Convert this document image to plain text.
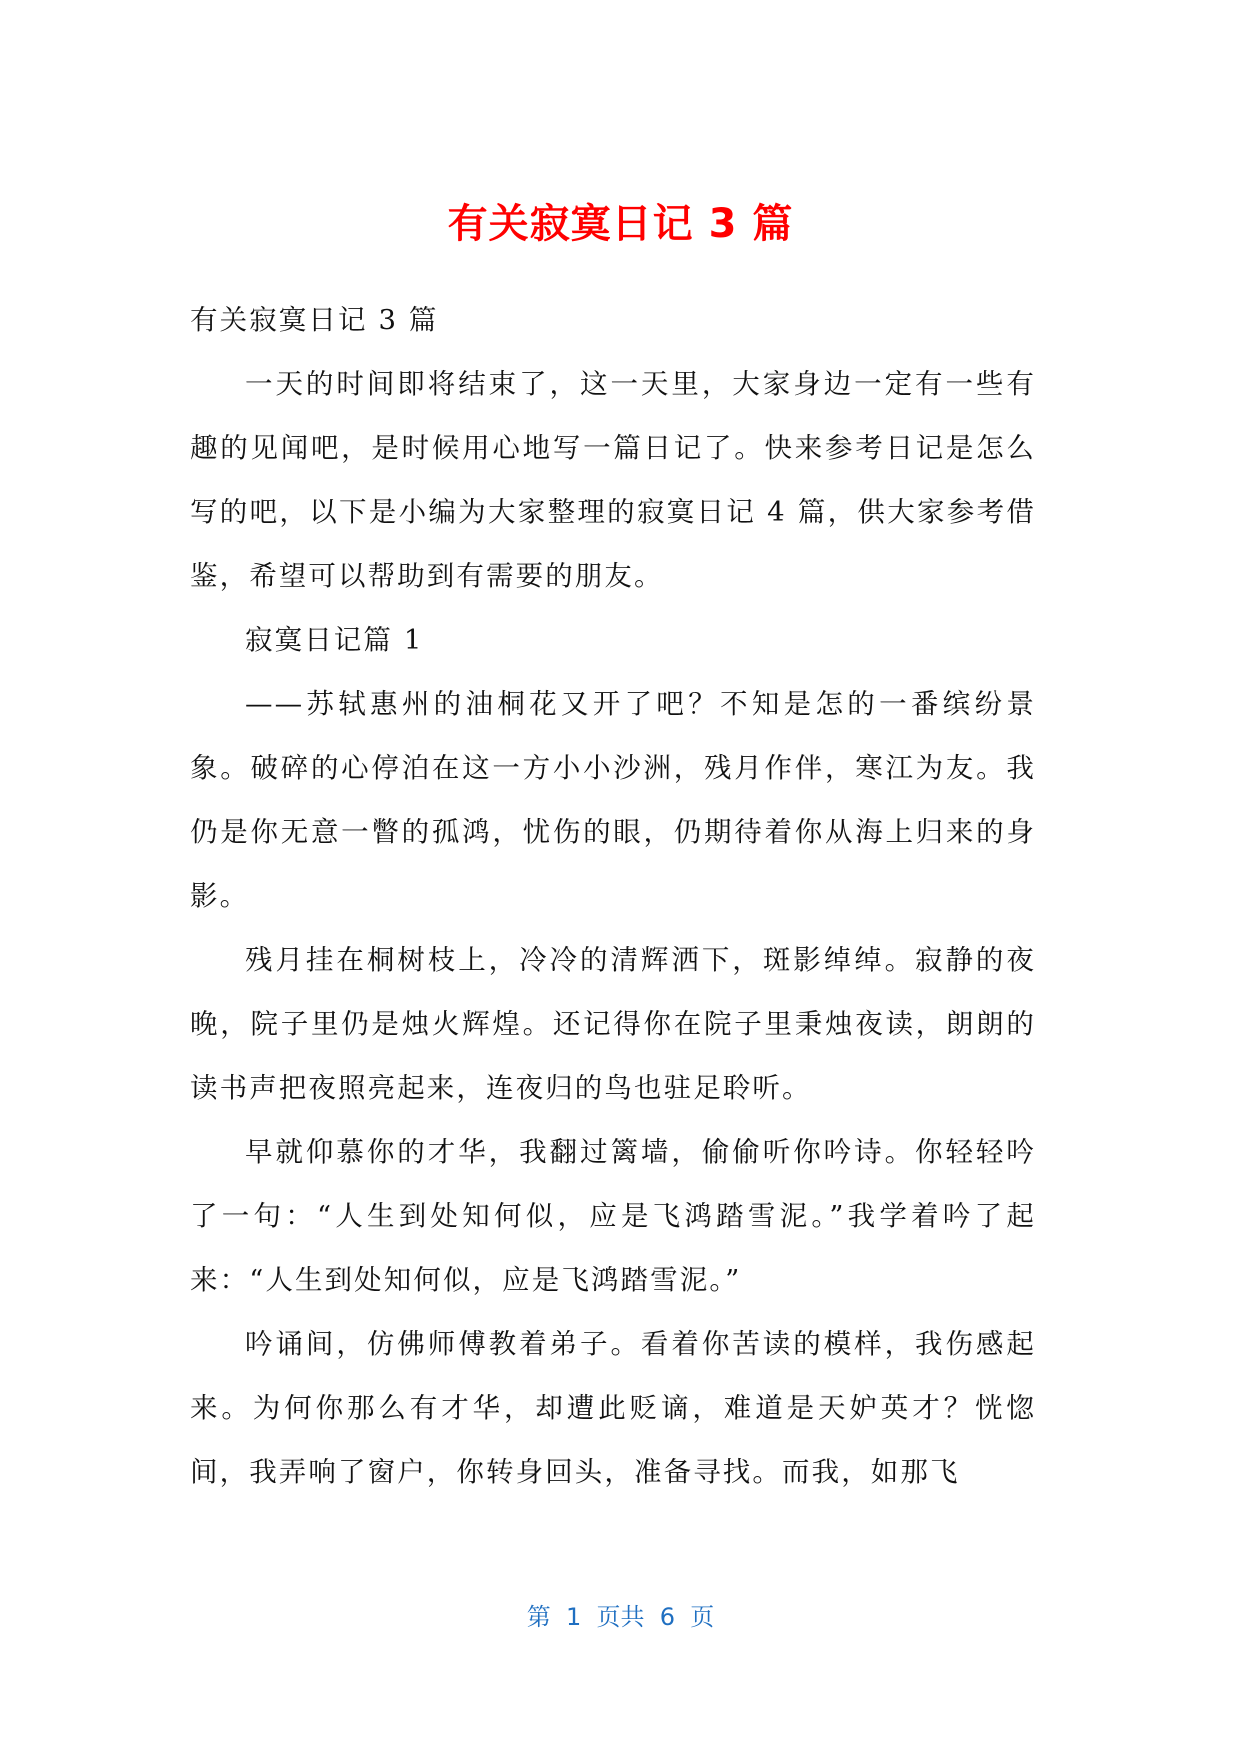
有关寂寞日记 3 篇

有关寂寞日记 3 篇

一天的时间即将结束了，这一天里，大家身边一定有一些有趣的见闻吧，是时候用心地写一篇日记了。快来参考日记是怎么写的吧，以下是小编为大家整理的寂寞日记 4 篇，供大家参考借鉴，希望可以帮助到有需要的朋友。

寂寞日记篇 1

——苏轼惠州的油桐花又开了吧？不知是怎的一番缤纷景象。破碎的心停泊在这一方小小沙洲，残月作伴，寒江为友。我仍是你无意一瞥的孤鸿，忧伤的眼，仍期待着你从海上归来的身影。

残月挂在桐树枝上，冷冷的清辉洒下，斑影绰绰。寂静的夜晚，院子里仍是烛火辉煌。还记得你在院子里秉烛夜读，朗朗的读书声把夜照亮起来，连夜归的鸟也驻足聆听。

早就仰慕你的才华，我翻过篱墙，偷偷听你吟诗。你轻轻吟了一句：“人生到处知何似，应是飞鸿踏雪泥。”我学着吟了起来：“人生到处知何似，应是飞鸿踏雪泥。”

吟诵间，仿佛师傅教着弟子。看着你苦读的模样，我伤感起来。为何你那么有才华，却遭此贬谪，难道是天妒英才？恍惚间，我弄响了窗户，你转身回头，准备寻找。而我，如那飞

第  1  页共  6  页
